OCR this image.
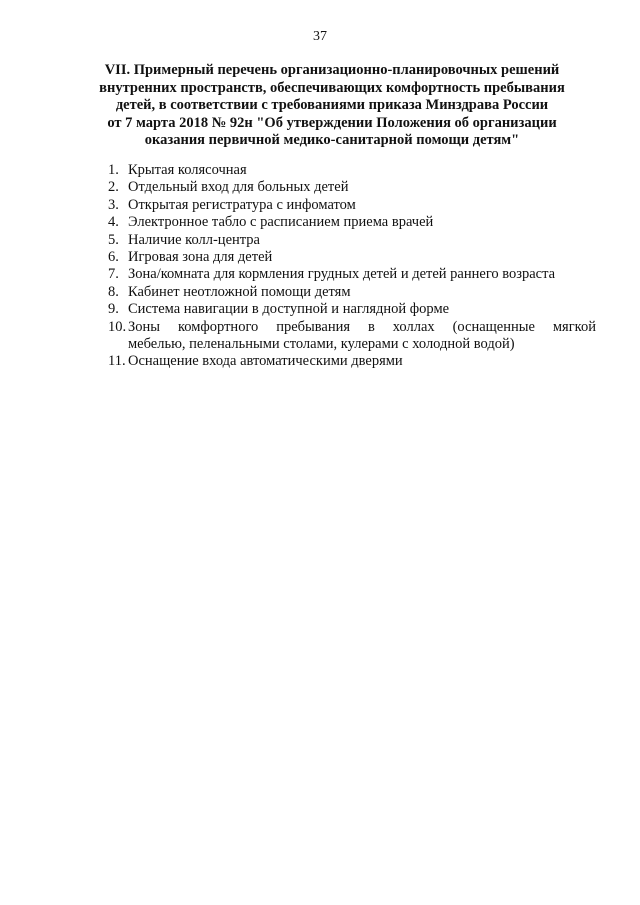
37
VII. Примерный перечень организационно-планировочных решений
внутренних пространств, обеспечивающих комфортность пребывания
детей, в соответствии с требованиями приказа Минздрава России
от 7 марта 2018 № 92н "Об утверждении Положения об организации
оказания первичной медико-санитарной помощи детям"
1. Крытая колясочная
2. Отдельный вход для больных детей
3. Открытая регистратура с инфоматом
4. Электронное табло с расписанием приема врачей
5. Наличие колл-центра
6. Игровая зона для детей
7. Зона/комната для кормления грудных детей и детей раннего возраста
8. Кабинет неотложной помощи детям
9. Система навигации в доступной и наглядной форме
10. Зоны комфортного пребывания в холлах (оснащенные мягкой
мебелью, пеленальными столами, кулерами с холодной водой)
11. Оснащение входа автоматическими дверями
